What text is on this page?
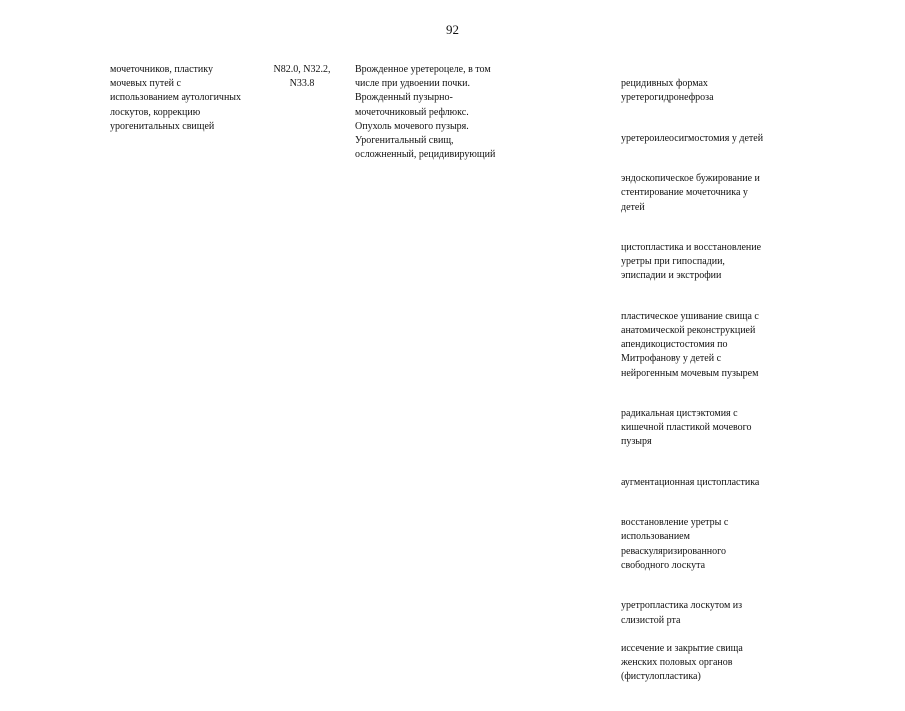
92
мочеточников, пластику
мочевых путей с
использованием аутологичных
лоскутов, коррекцию
урогенитальных свищей
N82.0, N32.2,
N33.8
Врожденное уретероцеле, в том
числе при удвоении почки.
Врожденный пузырно-
мочеточниковый рефлюкс.
Опухоль мочевого пузыря.
Урогенитальный свищ,
осложненный, рецидивирующий

рецидивных формах
уретерогидронефроза

уретероилеосигмостомия у детей

эндоскопическое бужирование и
стентирование мочеточника у
детей

цистопластика и восстановление
уретры при гипоспадии,
эписпадии и экстрофии

пластическое ушивание свища с
анатомической реконструкцией
апендикоцистостомия по
Митрофанову у детей с
нейрогенным мочевым пузырем

радикальная цистэктомия с
кишечной пластикой мочевого
пузыря

аугментационная цистопластика

восстановление уретры с
использованием
реваскуляризированного
свободного лоскута

уретропластика лоскутом из
слизистой рта

иссечение и закрытие свища
женских половых органов
(фистулопластика)
